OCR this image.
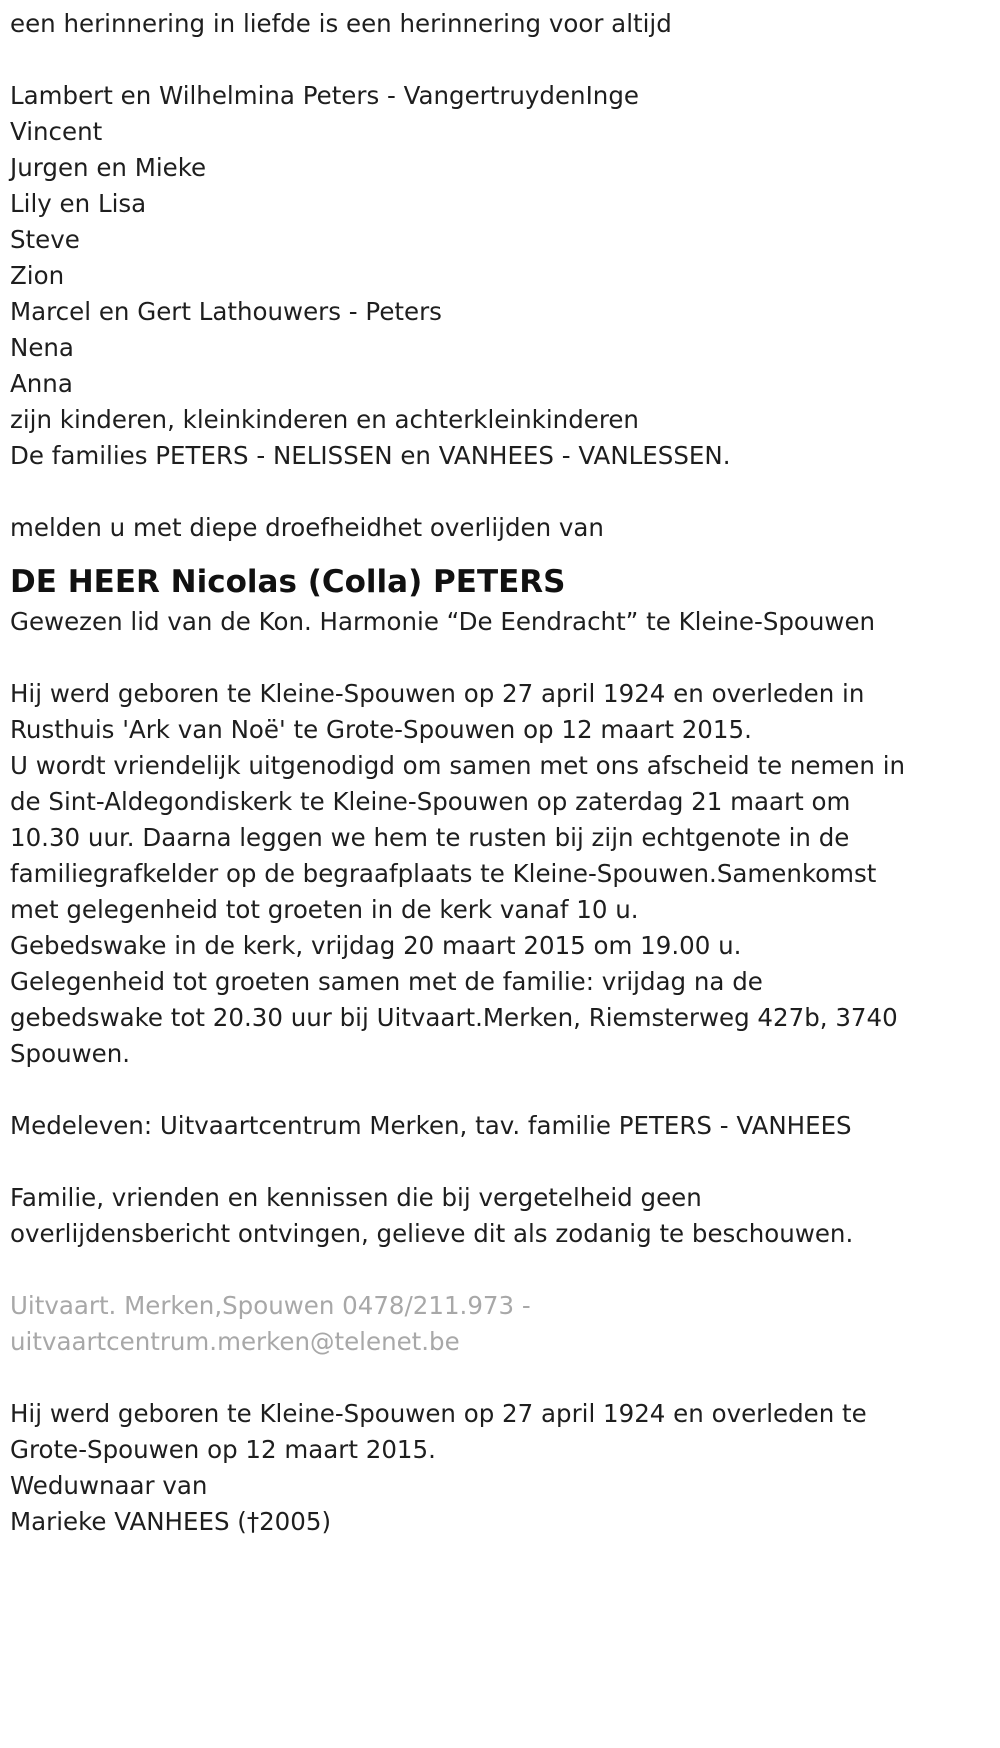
een herinnering in liefde is een herinnering voor altijd

Lambert en Wilhelmina Peters - VangertruydenInge

Vincent

Jurgen en Mieke

Lily en Lisa

Steve

Zion

Marcel en Gert Lathouwers - Peters

Nena

Anna

zijn kinderen, kleinkinderen en achterkleinkinderen

De families PETERS - NELISSEN en VANHEES - VANLESSEN.

melden u met diepe droefheidhet overlijden van

DE HEER Nicolas (Colla) PETERS

Gewezen lid van de Kon. Harmonie “De Eendracht” te Kleine-Spouwen

Hij werd geboren te Kleine-Spouwen op 27 april 1924 en overleden in

Rusthuis 'Ark van Noë' te Grote-Spouwen op 12 maart 2015.

U wordt vriendelijk uitgenodigd om samen met ons afscheid te nemen in

de Sint-Aldegondiskerk te Kleine-Spouwen op zaterdag 21 maart om

10.30 uur. Daarna leggen we hem te rusten bij zijn echtgenote in de

familiegrafkelder op de begraafplaats te Kleine-Spouwen.Samenkomst

met gelegenheid tot groeten in de kerk vanaf 10 u.

Gebedswake in de kerk, vrijdag 20 maart 2015 om 19.00 u.

Gelegenheid tot groeten samen met de familie: vrijdag na de

gebedswake tot 20.30 uur bij Uitvaart.Merken, Riemsterweg 427b, 3740

Spouwen.

Medeleven: Uitvaartcentrum Merken, tav. familie PETERS - VANHEES

Familie, vrienden en kennissen die bij vergetelheid geen

overlijdensbericht ontvingen, gelieve dit als zodanig te beschouwen.

Uitvaart. Merken,Spouwen 0478/211.973 -

uitvaartcentrum.merken@telenet.be

Hij werd geboren te Kleine-Spouwen op 27 april 1924 en overleden te

Grote-Spouwen op 12 maart 2015.

Weduwnaar van

Marieke VANHEES (†2005)
